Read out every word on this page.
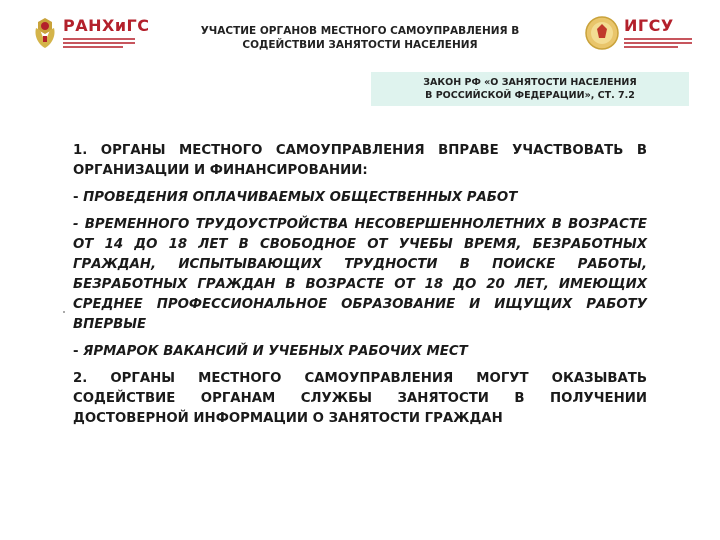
РАНХиГС	УЧАСТИЕ ОРГАНОВ МЕСТНОГО САМОУПРАВЛЕНИЯ В
СОДЕЙСТВИИ ЗАНЯТОСТИ НАСЕЛЕНИЯ
ИГСУ
ЗАКОН РФ «О ЗАНЯТОСТИ НАСЕЛЕНИЯ
В РОССИЙСКОЙ ФЕДЕРАЦИИ», СТ. 7.2

1. ОРГАНЫ МЕСТНОГО САМОУПРАВЛЕНИЯ ВПРАВЕ УЧАСТВОВАТЬ В ОРГАНИЗАЦИИ И ФИНАНСИРОВАНИИ:

- ПРОВЕДЕНИЯ ОПЛАЧИВАЕМЫХ ОБЩЕСТВЕННЫХ РАБОТ

- ВРЕМЕННОГО ТРУДОУСТРОЙСТВА НЕСОВЕРШЕННОЛЕТНИХ В ВОЗРАСТЕ ОТ 14 ДО 18 ЛЕТ В СВОБОДНОЕ ОТ УЧЕБЫ ВРЕМЯ, БЕЗРАБОТНЫХ ГРАЖДАН, ИСПЫТЫВАЮЩИХ ТРУДНОСТИ В ПОИСКЕ РАБОТЫ, БЕЗРАБОТНЫХ ГРАЖДАН В ВОЗРАСТЕ ОТ 18 ДО 20 ЛЕТ, ИМЕЮЩИХ СРЕДНЕЕ ПРОФЕССИОНАЛЬНОЕ ОБРАЗОВАНИЕ И ИЩУЩИХ РАБОТУ ВПЕРВЫЕ

- ЯРМАРОК ВАКАНСИЙ И УЧЕБНЫХ РАБОЧИХ МЕСТ

2. ОРГАНЫ МЕСТНОГО САМОУПРАВЛЕНИЯ МОГУТ ОКАЗЫВАТЬ СОДЕЙСТВИЕ ОРГАНАМ СЛУЖБЫ ЗАНЯТОСТИ В ПОЛУЧЕНИИ ДОСТОВЕРНОЙ ИНФОРМАЦИИ О ЗАНЯТОСТИ ГРАЖДАН
